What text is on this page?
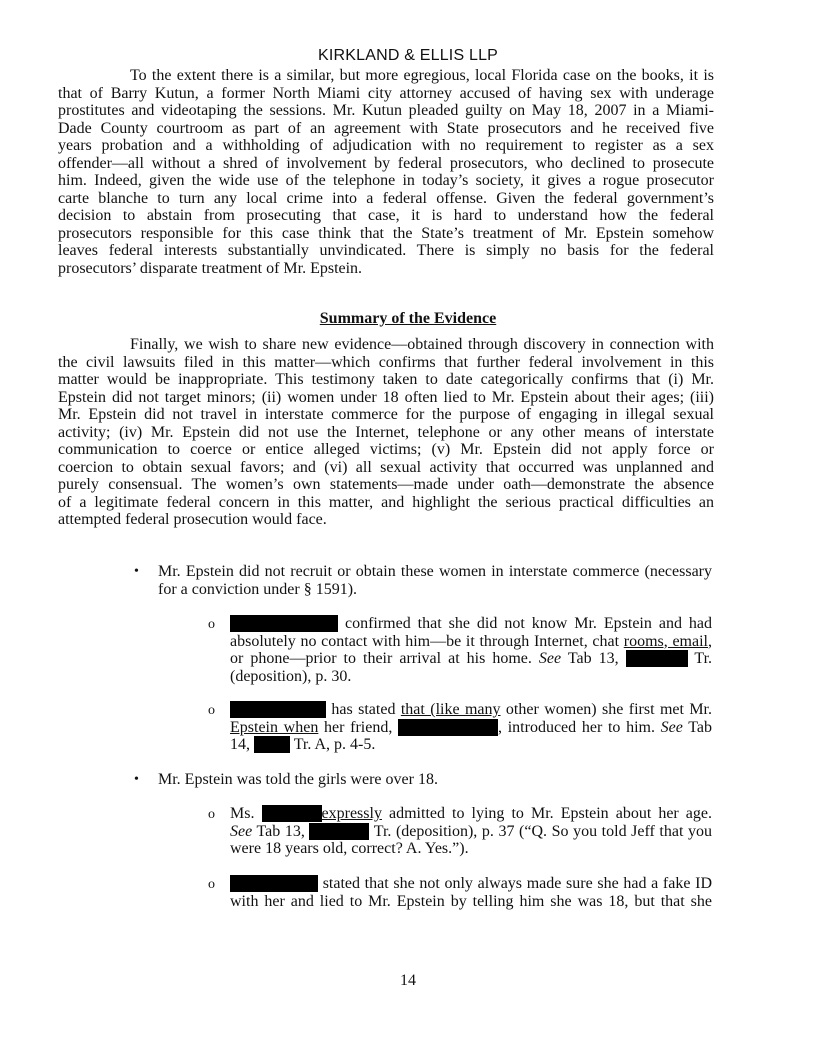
KIRKLAND & ELLIS LLP
To the extent there is a similar, but more egregious, local Florida case on the books, it is
that of Barry Kutun, a former North Miami city attorney accused of having sex with underage
prostitutes and videotaping the sessions. Mr. Kutun pleaded guilty on May 18, 2007 in a Miami-
Dade County courtroom as part of an agreement with State prosecutors and he received five
years probation and a withholding of adjudication with no requirement to register as a sex
offender—all without a shred of involvement by federal prosecutors, who declined to prosecute
him. Indeed, given the wide use of the telephone in today’s society, it gives a rogue prosecutor
carte blanche to turn any local crime into a federal offense. Given the federal government’s
decision to abstain from prosecuting that case, it is hard to understand how the federal
prosecutors responsible for this case think that the State’s treatment of Mr. Epstein somehow
leaves federal interests substantially unvindicated. There is simply no basis for the federal
prosecutors’ disparate treatment of Mr. Epstein.
Summary of the Evidence
Finally, we wish to share new evidence—obtained through discovery in connection with
the civil lawsuits filed in this matter—which confirms that further federal involvement in this
matter would be inappropriate. This testimony taken to date categorically confirms that (i) Mr.
Epstein did not target minors; (ii) women under 18 often lied to Mr. Epstein about their ages; (iii)
Mr. Epstein did not travel in interstate commerce for the purpose of engaging in illegal sexual
activity; (iv) Mr. Epstein did not use the Internet, telephone or any other means of interstate
communication to coerce or entice alleged victims; (v) Mr. Epstein did not apply force or
coercion to obtain sexual favors; and (vi) all sexual activity that occurred was unplanned and
purely consensual. The women’s own statements—made under oath—demonstrate the absence
of a legitimate federal concern in this matter, and highlight the serious practical difficulties an
attempted federal prosecution would face.
• Mr. Epstein did not recruit or obtain these women in interstate commerce (necessary
for a conviction under § 1591).
o	confirmed that she did not know Mr. Epstein and had
absolutely no contact with him—be it through Internet, chat rooms, email,
or phone—prior to their arrival at his home. See Tab 13,	Tr.
(deposition), p. 30.
o	has stated that (like many other women) she first met Mr.
Epstein when her friend,	, introduced her to him. See Tab
14,	Tr. A, p. 4-5.
• Mr. Epstein was told the girls were over 18.
o Ms.	expressly admitted to lying to Mr. Epstein about her age.
See Tab 13,	Tr. (deposition), p. 37 (“Q. So you told Jeff that you
were 18 years old, correct? A. Yes.”).
o	stated that she not only always made sure she had a fake ID
with her and lied to Mr. Epstein by telling him she was 18, but that she
14
